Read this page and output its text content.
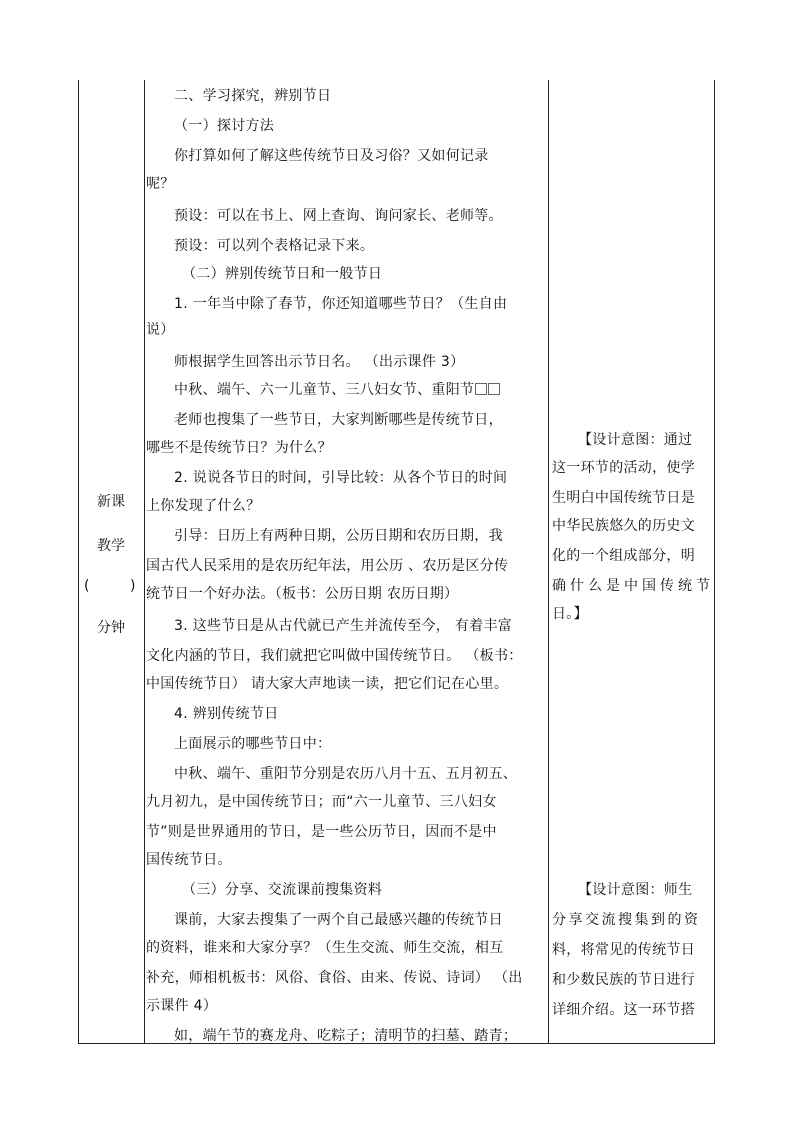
新课
教学
(	)
分钟
二、学习探究，辨别节日
（一）探讨方法
你打算如何了解这些传统节日及习俗？又如何记录
呢？
预设：可以在书上、网上查询、询问家长、老师等。
预设：可以列个表格记录下来。
（二）辨别传统节日和一般节日
1. 一年当中除了春节，你还知道哪些节日？（生自由
说）
师根据学生回答出示节日名。 （出示课件 3）
中秋、端午、六一儿童节、三八妇女节、重阳节
老师也搜集了一些节日，大家判断哪些是传统节日，
哪些不是传统节日？为什么？
2. 说说各节日的时间，引导比较：从各个节日的时间
上你发现了什么？
引导：日历上有两种日期，公历日期和农历日期，我
国古代人民采用的是农历纪年法，用公历 、农历是区分传
统节日一个好办法。（板书：公历日期 农历日期）
3. 这些节日是从古代就已产生并流传至今， 有着丰富
文化内涵的节日，我们就把它叫做中国传统节日。 （板书：
中国传统节日） 请大家大声地读一读，把它们记在心里。
4. 辨别传统节日
上面展示的哪些节日中：
中秋、端午、重阳节分别是农历八月十五、五月初五、
九月初九，是中国传统节日；而“六一儿童节、三八妇女
节”则是世界通用的节日，是一些公历节日，因而不是中
国传统节日。
（三）分享、交流课前搜集资料
课前，大家去搜集了一两个自己最感兴趣的传统节日
的资料，谁来和大家分享？（生生交流、师生交流，相互
补充，师相机板书：风俗、食俗、由来、传说、诗词） （出
示课件 4）
如，端午节的赛龙舟、吃粽子；清明节的扫墓、踏青；
【设计意图：通过
这一环节的活动，使学
生明白中国传统节日是
中华民族悠久的历史文
化的一个组成部分，明
确什么是中国传统节
日。】
【设计意图：师生
分享交流搜集到的资
料，将常见的传统节日
和少数民族的节日进行
详细介绍。这一环节搭
